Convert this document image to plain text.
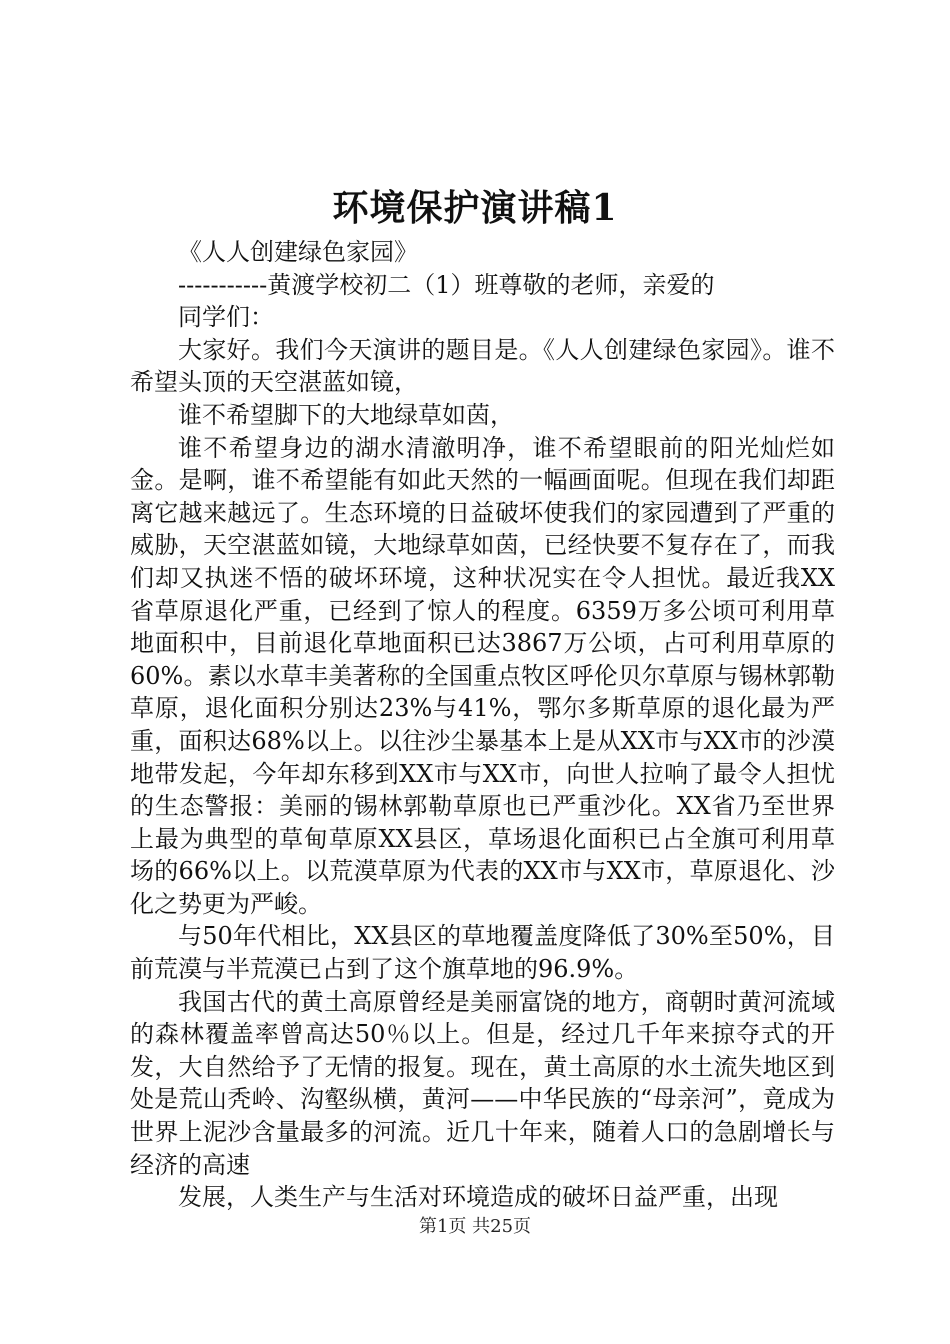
环境保护演讲稿1
《人人创建绿色家园》
-----------黄渡学校初二（1）班尊敬的老师，亲爱的
同学们：

大家好。我们今天演讲的题目是。《人人创建绿色家园》。谁不希望头顶的天空湛蓝如镜，

谁不希望脚下的大地绿草如茵，

谁不希望身边的湖水清澈明净，谁不希望眼前的阳光灿烂如金。是啊，谁不希望能有如此天然的一幅画面呢。但现在我们却距离它越来越远了。生态环境的日益破坏使我们的家园遭到了严重的威胁，天空湛蓝如镜，大地绿草如茵，已经快要不复存在了，而我们却又执迷不悟的破坏环境，这种状况实在令人担忧。最近我XX省草原退化严重，已经到了惊人的程度。6359万多公顷可利用草地面积中，目前退化草地面积已达3867万公顷，占可利用草原的60%。素以水草丰美著称的全国重点牧区呼伦贝尔草原与锡林郭勒草原，退化面积分别达23%与41%，鄂尔多斯草原的退化最为严重，面积达68%以上。以往沙尘暴基本上是从XX市与XX市的沙漠地带发起，今年却东移到XX市与XX市，向世人拉响了最令人担忧的生态警报：美丽的锡林郭勒草原也已严重沙化。XX省乃至世界上最为典型的草甸草原XX县区，草场退化面积已占全旗可利用草场的66%以上。以荒漠草原为代表的XX市与XX市，草原退化、沙化之势更为严峻。

与50年代相比，XX县区的草地覆盖度降低了30%至50%，目前荒漠与半荒漠已占到了这个旗草地的96.9%。

我国古代的黄土高原曾经是美丽富饶的地方，商朝时黄河流域的森林覆盖率曾高达50％以上。但是，经过几千年来掠夺式的开发，大自然给予了无情的报复。现在，黄土高原的水土流失地区到处是荒山秃岭、沟壑纵横，黄河——中华民族的“母亲河”，竟成为世界上泥沙含量最多的河流。近几十年来，随着人口的急剧增长与经济的高速

发展，人类生产与生活对环境造成的破坏日益严重，出现

第1页 共25页
